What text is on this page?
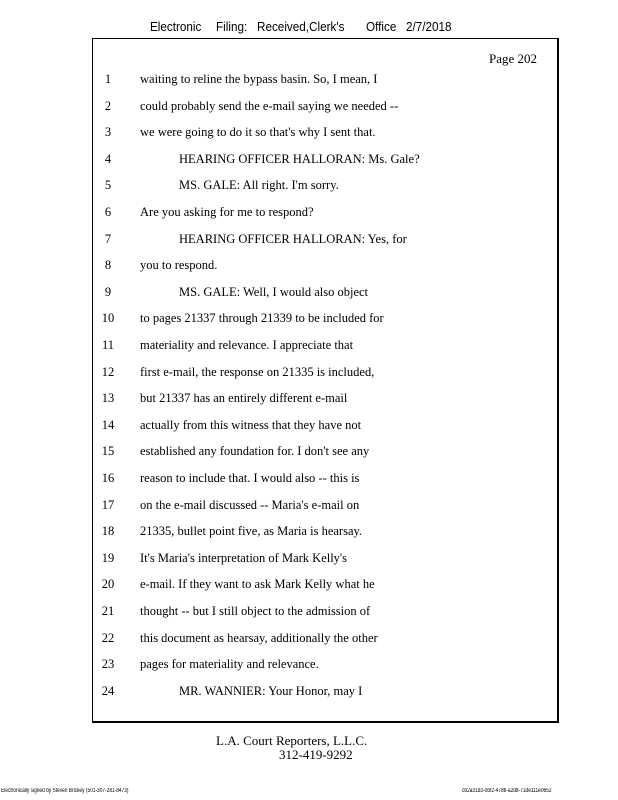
Electronic Filing: Received,Clerk's Office 2/7/2018
Page 202
1	waiting to reline the bypass basin. So, I mean, I
2	could probably send the e-mail saying we needed --
3	we were going to do it so that's why I sent that.
4	HEARING OFFICER HALLORAN: Ms. Gale?
5	MS. GALE: All right. I'm sorry.
6	Are you asking for me to respond?
7	HEARING OFFICER HALLORAN: Yes, for
8	you to respond.
9	MS. GALE: Well, I would also object
10	to pages 21337 through 21339 to be included for
11	materiality and relevance. I appreciate that
12	first e-mail, the response on 21335 is included,
13	but 21337 has an entirely different e-mail
14	actually from this witness that they have not
15	established any foundation for. I don't see any
16	reason to include that. I would also -- this is
17	on the e-mail discussed -- Maria's e-mail on
18	21335, bullet point five, as Maria is hearsay.
19	It's Maria's interpretation of Mark Kelly's
20	e-mail. If they want to ask Mark Kelly what he
21	thought -- but I still object to the admission of
22	this document as hearsay, additionally the other
23	pages for materiality and relevance.
24	MR. WANNIER: Your Honor, may I
L.A. Court Reporters, L.L.C.
312-419-9292
Electronically signed by Steven Brickey (501-307-281-8473)	c82a31d3-0bf2-478b-a2d8-71de111e0652
